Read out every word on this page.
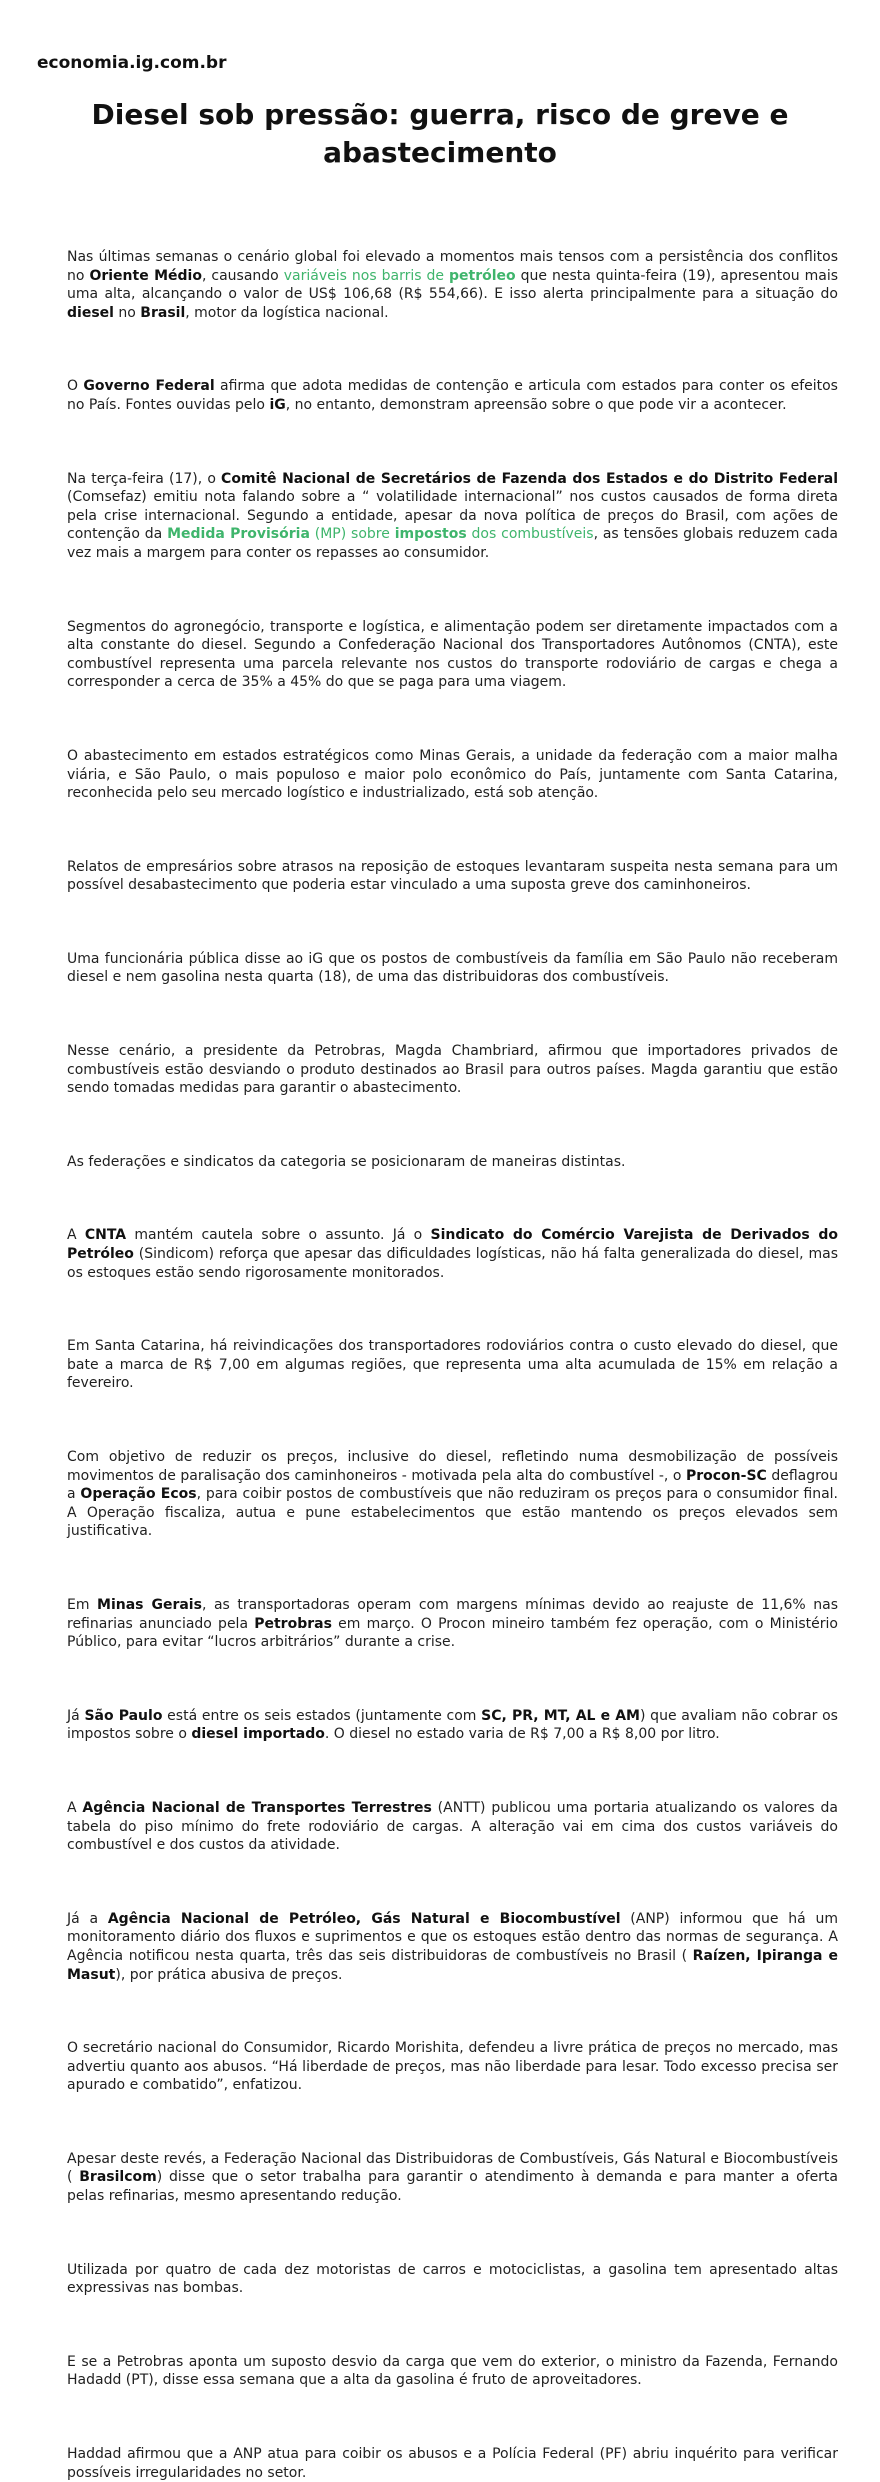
economia.ig.com.br
Diesel sob pressão: guerra, risco de greve e abastecimento

Nas últimas semanas o cenário global foi elevado a momentos mais tensos com a persistência dos conflitos no Oriente Médio, causando variáveis nos barris de petróleo que nesta quinta-feira (19), apresentou mais uma alta, alcançando o valor de US$ 106,68 (R$ 554,66). E isso alerta principalmente para a situação do diesel no Brasil, motor da logística nacional.

O Governo Federal afirma que adota medidas de contenção e articula com estados para conter os efeitos no País. Fontes ouvidas pelo iG, no entanto, demonstram apreensão sobre o que pode vir a acontecer.

Na terça-feira (17), o Comitê Nacional de Secretários de Fazenda dos Estados e do Distrito Federal (Comsefaz) emitiu nota falando sobre a “ volatilidade internacional” nos custos causados de forma direta pela crise internacional. Segundo a entidade, apesar da nova política de preços do Brasil, com ações de contenção da Medida Provisória (MP) sobre impostos dos combustíveis, as tensões globais reduzem cada vez mais a margem para conter os repasses ao consumidor.

Segmentos do agronegócio, transporte e logística, e alimentação podem ser diretamente impactados com a alta constante do diesel. Segundo a Confederação Nacional dos Transportadores Autônomos (CNTA), este combustível representa uma parcela relevante nos custos do transporte rodoviário de cargas e chega a corresponder a cerca de 35% a 45% do que se paga para uma viagem.

O abastecimento em estados estratégicos como Minas Gerais, a unidade da federação com a maior malha viária, e São Paulo, o mais populoso e maior polo econômico do País, juntamente com Santa Catarina, reconhecida pelo seu mercado logístico e industrializado, está sob atenção.

Relatos de empresários sobre atrasos na reposição de estoques levantaram suspeita nesta semana para um possível desabastecimento que poderia estar vinculado a uma suposta greve dos caminhoneiros.

Uma funcionária pública disse ao iG que os postos de combustíveis da família em São Paulo não receberam diesel e nem gasolina nesta quarta (18), de uma das distribuidoras dos combustíveis.

Nesse cenário, a presidente da Petrobras, Magda Chambriard, afirmou que importadores privados de combustíveis estão desviando o produto destinados ao Brasil para outros países. Magda garantiu que estão sendo tomadas medidas para garantir o abastecimento.

As federações e sindicatos da categoria se posicionaram de maneiras distintas.

A CNTA mantém cautela sobre o assunto. Já o Sindicato do Comércio Varejista de Derivados do Petróleo (Sindicom) reforça que apesar das dificuldades logísticas, não há falta generalizada do diesel, mas os estoques estão sendo rigorosamente monitorados.

Em Santa Catarina, há reivindicações dos transportadores rodoviários contra o custo elevado do diesel, que bate a marca de R$ 7,00 em algumas regiões, que representa uma alta acumulada de 15% em relação a fevereiro.

Com objetivo de reduzir os preços, inclusive do diesel, refletindo numa desmobilização de possíveis movimentos de paralisação dos caminhoneiros - motivada pela alta do combustível -, o Procon-SC deflagrou a Operação Ecos, para coibir postos de combustíveis que não reduziram os preços para o consumidor final. A Operação fiscaliza, autua e pune estabelecimentos que estão mantendo os preços elevados sem justificativa.

Em Minas Gerais, as transportadoras operam com margens mínimas devido ao reajuste de 11,6% nas refinarias anunciado pela Petrobras em março. O Procon mineiro também fez operação, com o Ministério Público, para evitar “lucros arbitrários” durante a crise.

Já São Paulo está entre os seis estados (juntamente com SC, PR, MT, AL e AM) que avaliam não cobrar os impostos sobre o diesel importado. O diesel no estado varia de R$ 7,00 a R$ 8,00 por litro.

A Agência Nacional de Transportes Terrestres (ANTT) publicou uma portaria atualizando os valores da tabela do piso mínimo do frete rodoviário de cargas. A alteração vai em cima dos custos variáveis do combustível e dos custos da atividade.

Já a Agência Nacional de Petróleo, Gás Natural e Biocombustível (ANP) informou que há um monitoramento diário dos fluxos e suprimentos e que os estoques estão dentro das normas de segurança. A Agência notificou nesta quarta, três das seis distribuidoras de combustíveis no Brasil ( Raízen, Ipiranga e Masut), por prática abusiva de preços.

O secretário nacional do Consumidor, Ricardo Morishita, defendeu a livre prática de preços no mercado, mas advertiu quanto aos abusos. “Há liberdade de preços, mas não liberdade para lesar. Todo excesso precisa ser apurado e combatido”, enfatizou.

Apesar deste revés, a Federação Nacional das Distribuidoras de Combustíveis, Gás Natural e Biocombustíveis ( Brasilcom) disse que o setor trabalha para garantir o atendimento à demanda e para manter a oferta pelas refinarias, mesmo apresentando redução.

Utilizada por quatro de cada dez motoristas de carros e motociclistas, a gasolina tem apresentado altas expressivas nas bombas.

E se a Petrobras aponta um suposto desvio da carga que vem do exterior, o ministro da Fazenda, Fernando Hadadd (PT), disse essa semana que a alta da gasolina é fruto de aproveitadores.

Haddad afirmou que a ANP atua para coibir os abusos e a Polícia Federal (PF) abriu inquérito para verificar possíveis irregularidades no setor.
